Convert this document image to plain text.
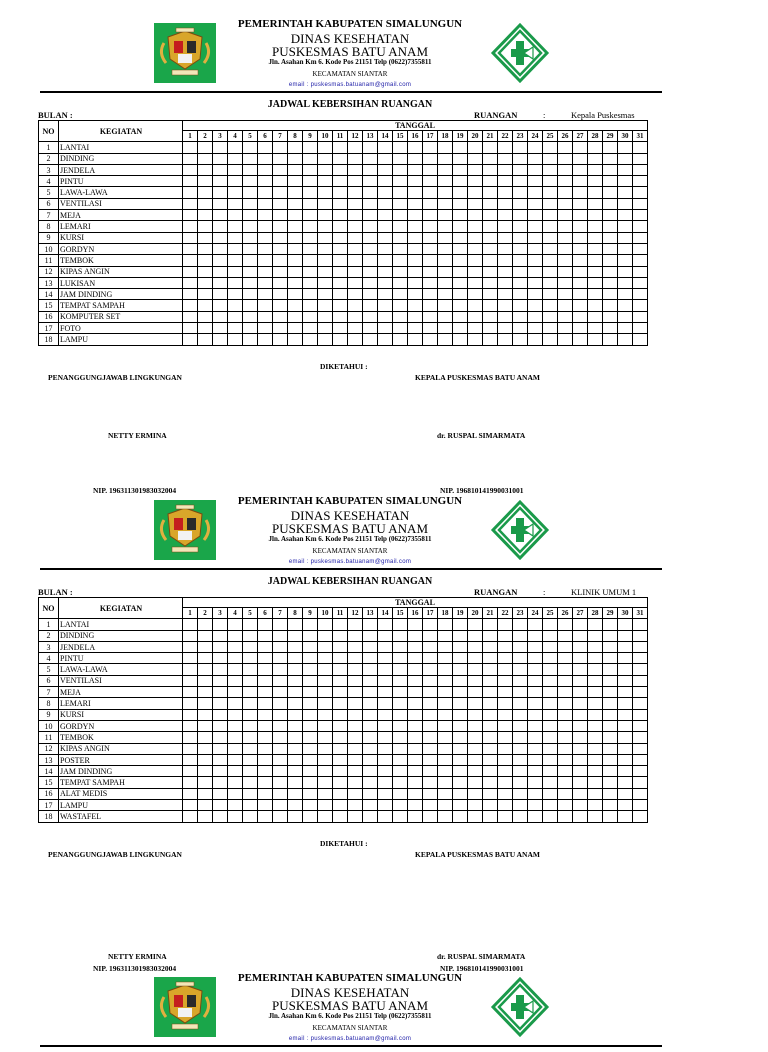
PEMERINTAH KABUPATEN SIMALUNGUN
DINAS KESEHATAN
PUSKESMAS BATU ANAM
Jln. Asahan Km 6. Kode Pos 21151 Telp (0622)7355811
KECAMATAN SIANTAR
email : puskesmas.batuanam@gmail.com
JADWAL KEBERSIHAN RUANGAN
BULAN :	RUANGAN	:	Kepala Puskesmas
NO	KEGIATAN	TANGGAL																														
		1	2	3	4	5	6	7	8	9	10	11	12	13	14	15	16	17	18	19	20	21	22	23	24	25	26	27	28	29	30	31
1	LANTAI																															
2	DINDING																															
3	JENDELA																															
4	PINTU																															
5	LAWA-LAWA																															
6	VENTILASI																															
7	MEJA																															
8	LEMARI																															
9	KURSI																															
10	GORDYN																															
11	TEMBOK																															
12	KIPAS ANGIN																															
13	LUKISAN																															
14	JAM DINDING																															
15	TEMPAT SAMPAH																															
16	KOMPUTER SET																															
17	FOTO																															
18	LAMPU																															
DIKETAHUI :
PENANGGUNGJAWAB LINGKUNGAN	KEPALA PUSKESMAS BATU ANAM
NETTY ERMINA	dr. RUSPAL SIMARMATA
NIP. 196311301983032004	NIP. 196810141990031001
PEMERINTAH KABUPATEN SIMALUNGUN
DINAS KESEHATAN
PUSKESMAS BATU ANAM
Jln. Asahan Km 6. Kode Pos 21151 Telp (0622)7355811
KECAMATAN SIANTAR
email : puskesmas.batuanam@gmail.com
JADWAL KEBERSIHAN RUANGAN
BULAN :	RUANGAN	:	KLINIK UMUM 1
NO	KEGIATAN	TANGGAL																														
		1	2	3	4	5	6	7	8	9	10	11	12	13	14	15	16	17	18	19	20	21	22	23	24	25	26	27	28	29	30	31
1	LANTAI																															
2	DINDING																															
3	JENDELA																															
4	PINTU																															
5	LAWA-LAWA																															
6	VENTILASI																															
7	MEJA																															
8	LEMARI																															
9	KURSI																															
10	GORDYN																															
11	TEMBOK																															
12	KIPAS ANGIN																															
13	POSTER																															
14	JAM DINDING																															
15	TEMPAT SAMPAH																															
16	ALAT MEDIS																															
17	LAMPU																															
18	WASTAFEL																															
DIKETAHUI :
PENANGGUNGJAWAB LINGKUNGAN	KEPALA PUSKESMAS BATU ANAM
NETTY ERMINA	dr. RUSPAL SIMARMATA
NIP. 196311301983032004	NIP. 196810141990031001
PEMERINTAH KABUPATEN SIMALUNGUN
DINAS KESEHATAN
PUSKESMAS BATU ANAM
Jln. Asahan Km 6. Kode Pos 21151 Telp (0622)7355811
KECAMATAN SIANTAR
email : puskesmas.batuanam@gmail.com
